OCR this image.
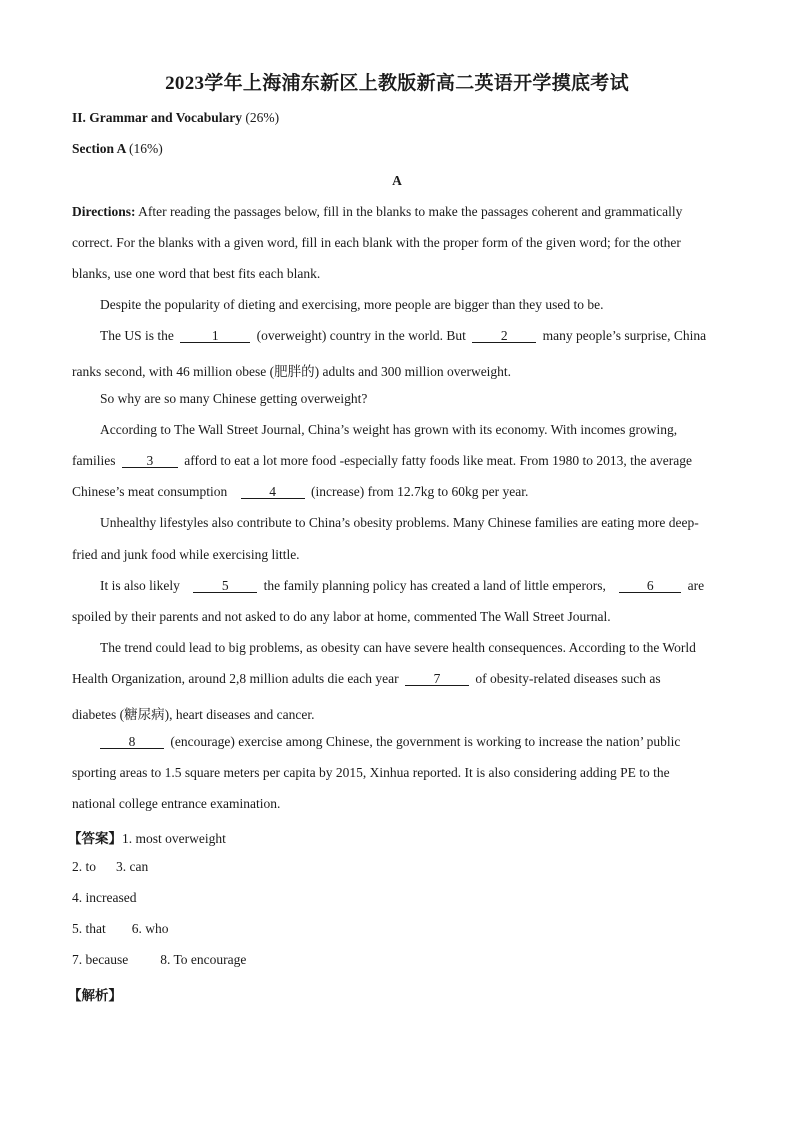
2023学年上海浦东新区上教版新高二英语开学摸底考试
II. Grammar and Vocabulary (26%)
Section A (16%)
A
Directions: After reading the passages below, fill in the blanks to make the passages coherent and grammatically
correct. For the blanks with a given word, fill in each blank with the proper form of the given word; for the other
blanks, use one word that best fits each blank.
Despite the popularity of dieting and exercising, more people are bigger than they used to be.
The US is the	1	(overweight) country in the world. But	2	many people’s surprise, China
ranks second, with 46 million obese (肥胖的) adults and 300 million overweight.
So why are so many Chinese getting overweight?
According to The Wall Street Journal, China’s weight has grown with its economy. With incomes growing,
families 3 afford to eat a lot more food -especially fatty foods like meat. From 1980 to 2013, the average
Chinese’s meat consumption	4	(increase) from 12.7kg to 60kg per year.
Unhealthy lifestyles also contribute to China’s obesity problems. Many Chinese families are eating more deep-
fried and junk food while exercising little.
It is also likely	5	the family planning policy has created a land of little emperors,	6	are
spoiled by their parents and not asked to do any labor at home, commented The Wall Street Journal.
The trend could lead to big problems, as obesity can have severe health consequences. According to the World
Health Organization, around 2,8 million adults die each year	7	of obesity-related diseases such as
diabetes (糖尿病), heart diseases and cancer.
8	(encourage) exercise among Chinese, the government is working to increase the nation’ public
sporting areas to 1.5 square meters per capita by 2015, Xinhua reported. It is also considering adding PE to the
national college entrance examination.
【答案】1. most overweight
2. to 3. can
4. increased
5. that 6. who
7. because 8. To encourage
【解析】
